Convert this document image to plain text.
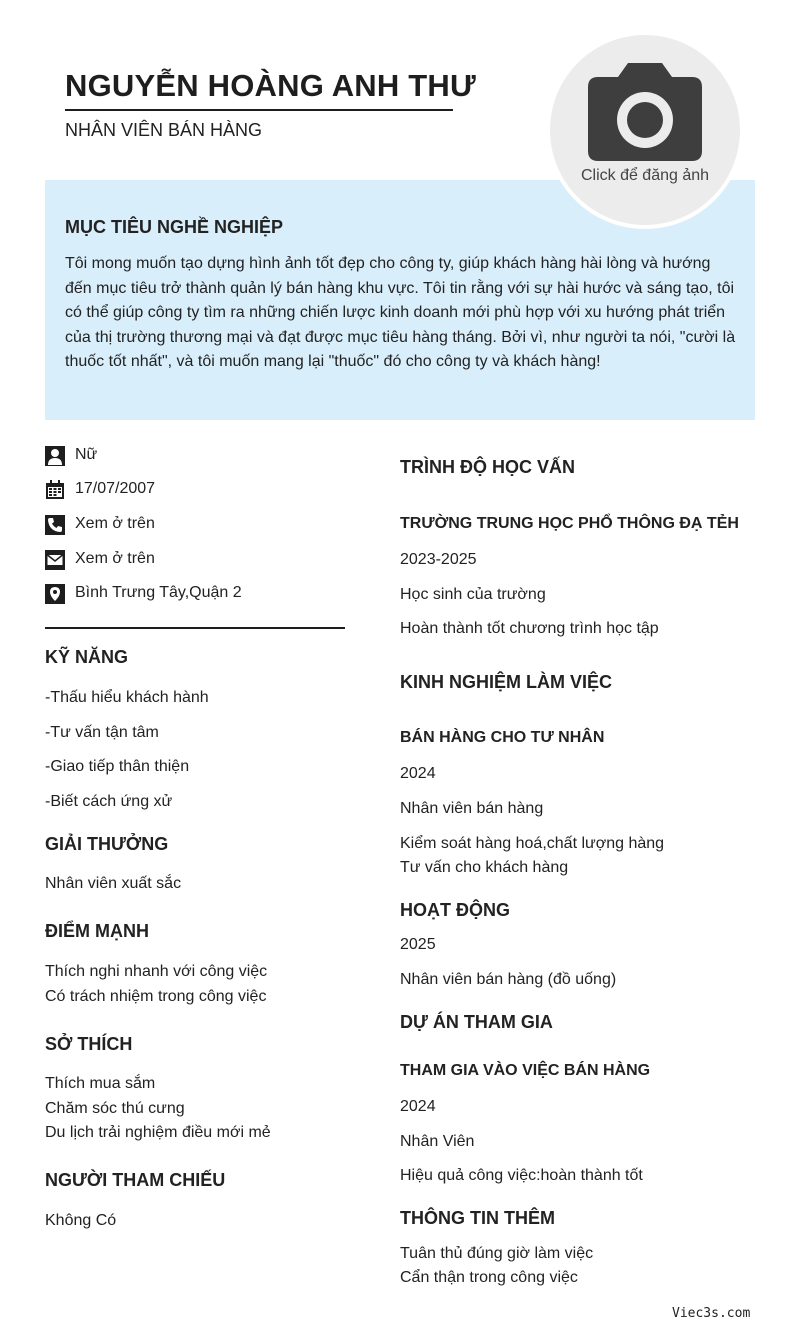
NGUYỄN HOÀNG ANH THƯ
NHÂN VIÊN BÁN HÀNG
MỤC TIÊU NGHỀ NGHIỆP
Tôi mong muốn tạo dựng hình ảnh tốt đẹp cho công ty, giúp khách hàng hài lòng và hướng đến mục tiêu trở thành quản lý bán hàng khu vực. Tôi tin rằng với sự hài hước và sáng tạo, tôi có thể giúp công ty tìm ra những chiến lược kinh doanh mới phù hợp với xu hướng phát triển của thị trường thương mại và đạt được mục tiêu hàng tháng. Bởi vì, như người ta nói, "cười là thuốc tốt nhất", và tôi muốn mang lại "thuốc" đó cho công ty và khách hàng!
Click để đăng ảnh
Nữ
17/07/2007
Xem ở trên
Xem ở trên
Bình Trưng Tây,Quận 2
KỸ NĂNG
-Thấu hiểu khách hành
-Tư vấn tận tâm
-Giao tiếp thân thiện
-Biết cách ứng xử
GIẢI THƯỞNG
Nhân viên xuất sắc
ĐIỂM MẠNH
Thích nghi nhanh với công việc
Có trách nhiệm trong công việc
SỞ THÍCH
Thích mua sắm
Chăm sóc thú cưng
Du lịch trải nghiệm điều mới mẻ
NGƯỜI THAM CHIẾU
Không Có
TRÌNH ĐỘ HỌC VẤN
TRƯỜNG TRUNG HỌC PHỔ THÔNG ĐẠ TẺH
2023-2025
Học sinh của trường
Hoàn thành tốt chương trình học tập
KINH NGHIỆM LÀM VIỆC
BÁN HÀNG CHO TƯ NHÂN
2024
Nhân viên bán hàng
Kiểm soát hàng hoá,chất lượng hàng
Tư vấn cho khách hàng
HOẠT ĐỘNG
2025
Nhân viên bán hàng (đồ uống)
DỰ ÁN THAM GIA
THAM GIA VÀO VIỆC BÁN HÀNG
2024
Nhân Viên
Hiệu quả công việc:hoàn thành tốt
THÔNG TIN THÊM
Tuân thủ đúng giờ làm việc
Cẩn thận trong công việc
Viec3s.com
